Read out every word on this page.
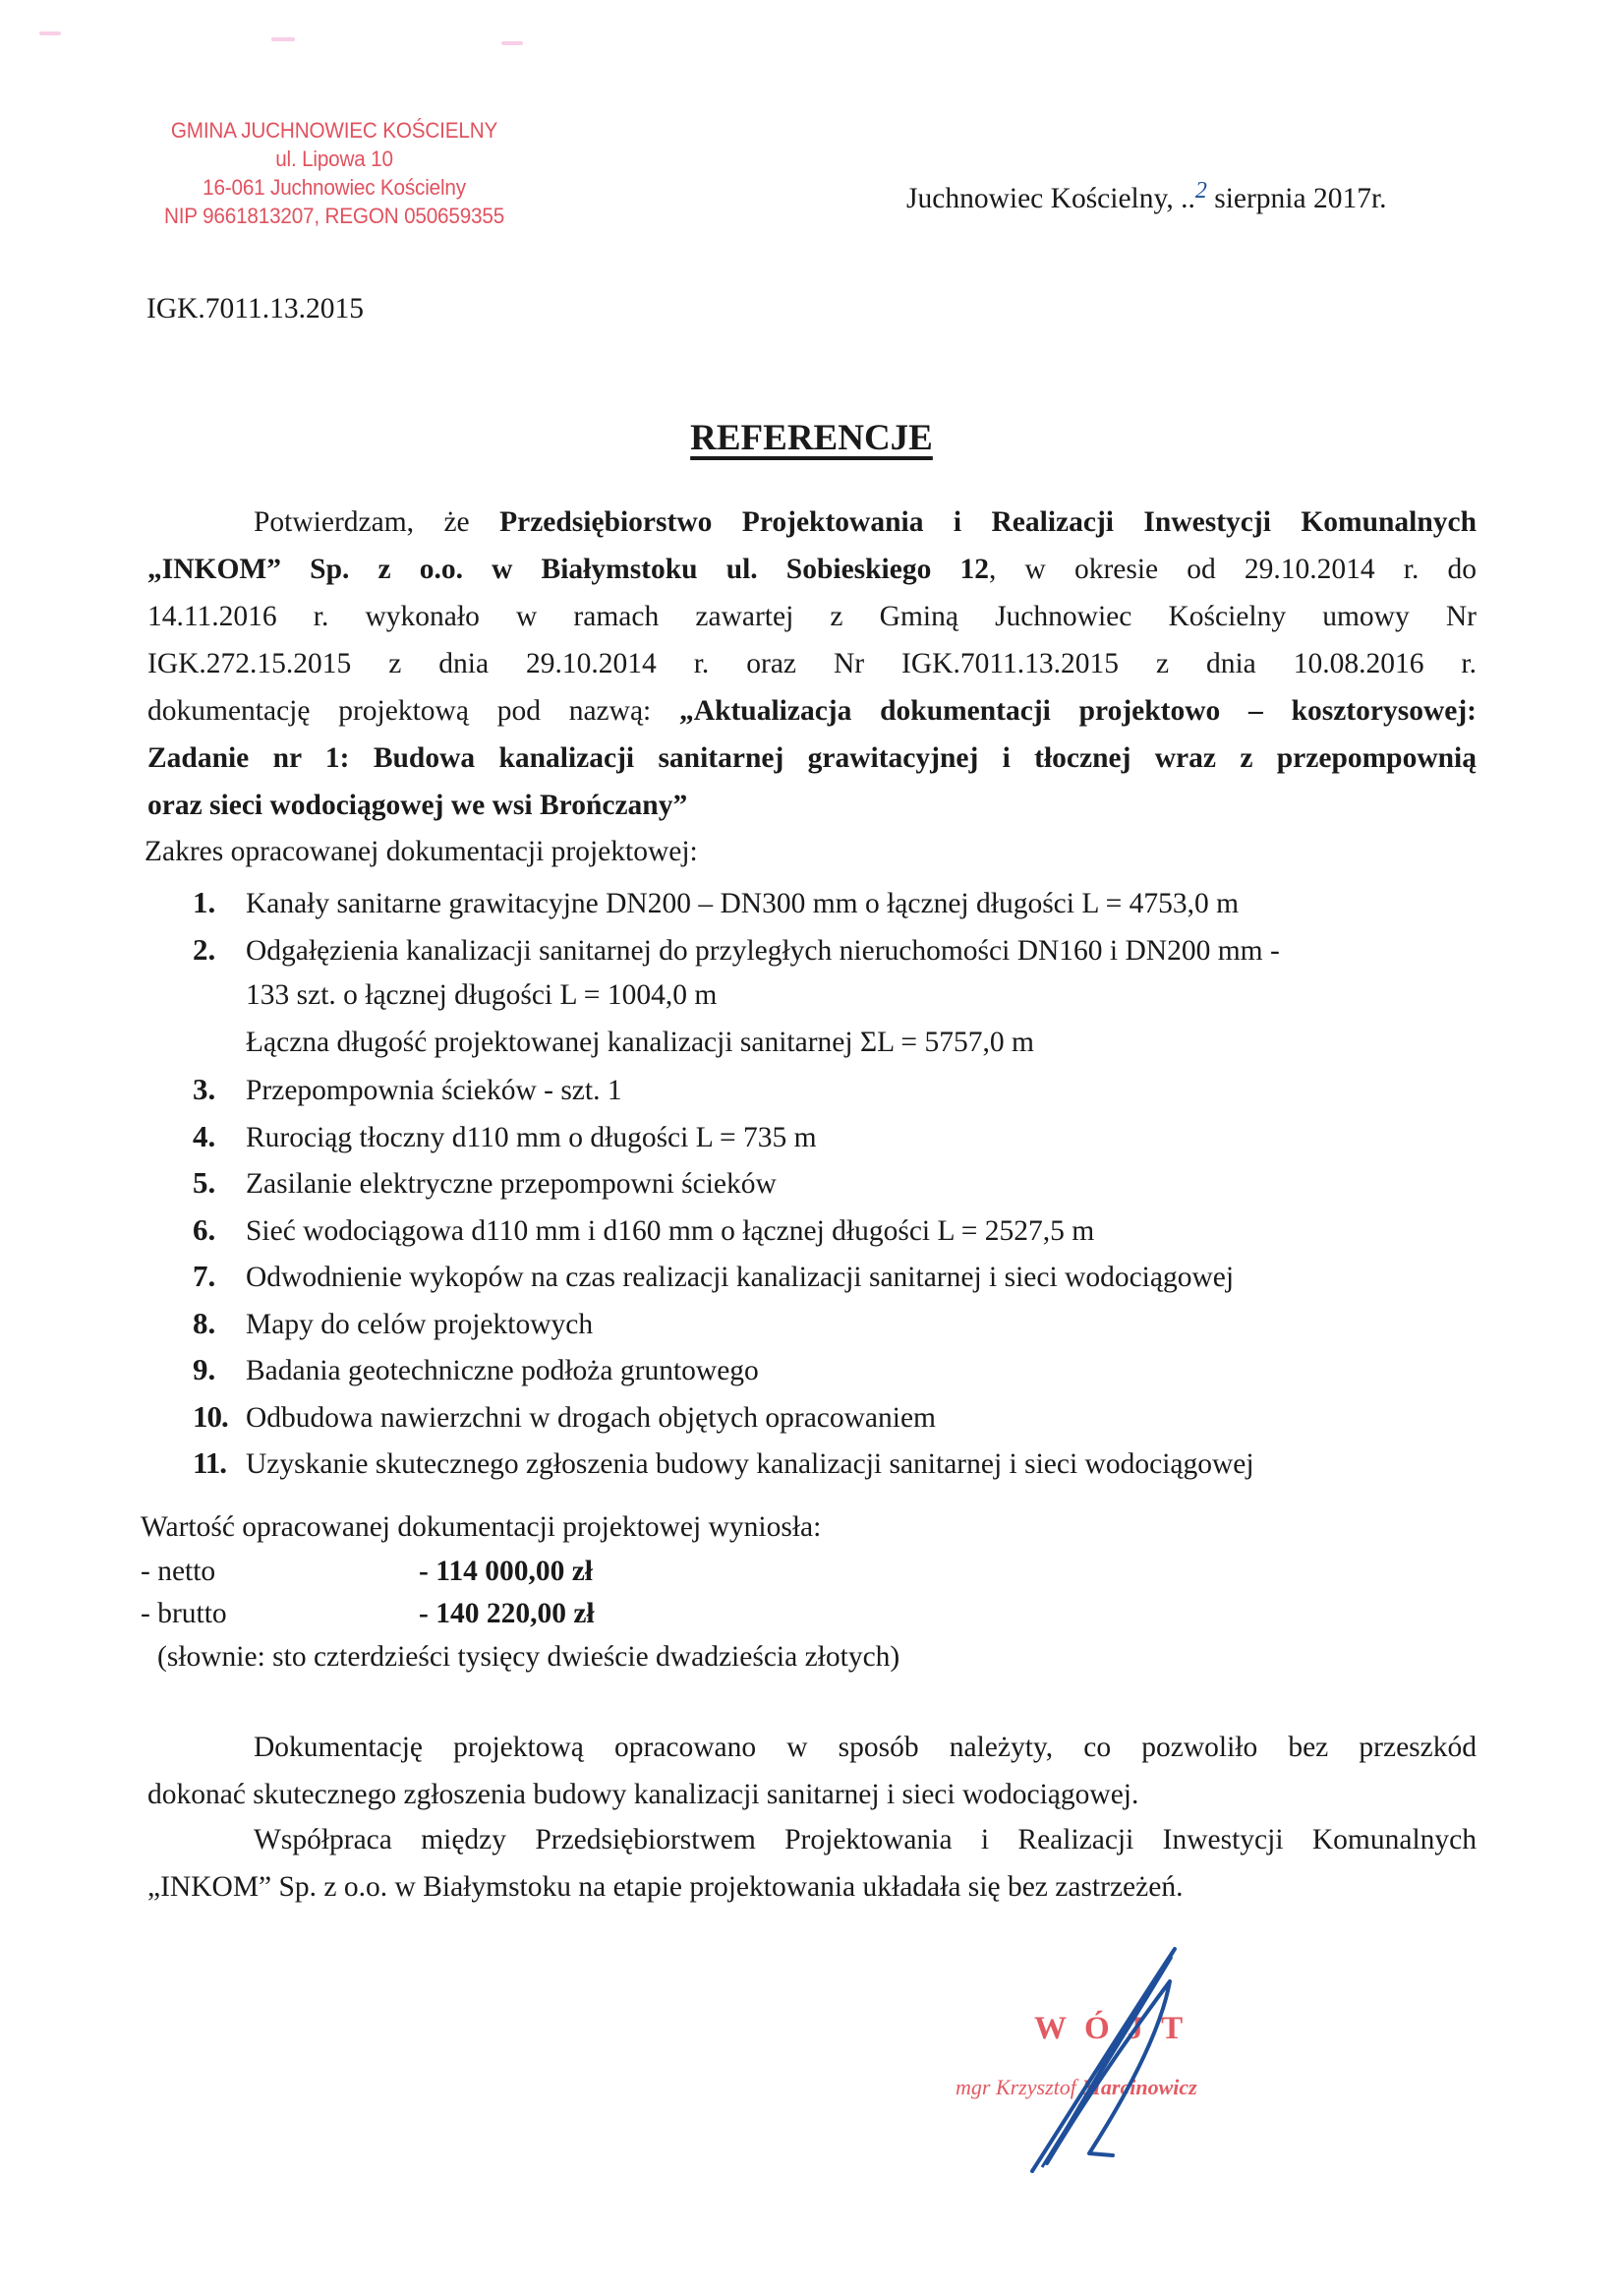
GMINA JUCHNOWIEC KOŚCIELNY
ul. Lipowa 10
16-061 Juchnowiec Kościelny
NIP 9661813207, REGON 050659355
Juchnowiec Kościelny, ..$^2$ sierpnia 2017r.
IGK.7011.13.2015
REFERENCJE
Potwierdzam, że Przedsiębiorstwo Projektowania i Realizacji Inwestycji Komunalnych
„INKOM” Sp. z o.o. w Białymstoku ul. Sobieskiego 12, w okresie od 29.10.2014 r. do
14.11.2016 r. wykonało w ramach zawartej z Gminą Juchnowiec Kościelny umowy Nr
IGK.272.15.2015 z dnia 29.10.2014 r. oraz Nr IGK.7011.13.2015 z dnia 10.08.2016 r.
dokumentację projektową pod nazwą: „Aktualizacja dokumentacji projektowo – kosztorysowej:
Zadanie nr 1: Budowa kanalizacji sanitarnej grawitacyjnej i tłocznej wraz z przepompownią
oraz sieci wodociągowej we wsi Brończany”
Zakres opracowanej dokumentacji projektowej:
1. Kanały sanitarne grawitacyjne DN200 – DN300 mm o łącznej długości L = 4753,0 m
2. Odgałęzienia kanalizacji sanitarnej do przyległych nieruchomości DN160 i DN200 mm -
133 szt. o łącznej długości L = 1004,0 m
Łączna długość projektowanej kanalizacji sanitarnej ΣL = 5757,0 m
3. Przepompownia ścieków - szt. 1
4. Rurociąg tłoczny d110 mm o długości L = 735 m
5. Zasilanie elektryczne przepompowni ścieków
6. Sieć wodociągowa d110 mm i d160 mm o łącznej długości L = 2527,5 m
7. Odwodnienie wykopów na czas realizacji kanalizacji sanitarnej i sieci wodociągowej
8. Mapy do celów projektowych
9. Badania geotechniczne podłoża gruntowego
10. Odbudowa nawierzchni w drogach objętych opracowaniem
11. Uzyskanie skutecznego zgłoszenia budowy kanalizacji sanitarnej i sieci wodociągowej
Wartość opracowanej dokumentacji projektowej wyniosła:
- netto	- 114 000,00 zł
- brutto	- 140 220,00 zł
(słownie: sto czterdzieści tysięcy dwieście dwadzieścia złotych)
Dokumentację projektową opracowano w sposób należyty, co pozwoliło bez przeszkód
dokonać skutecznego zgłoszenia budowy kanalizacji sanitarnej i sieci wodociągowej.
Współpraca między Przedsiębiorstwem Projektowania i Realizacji Inwestycji Komunalnych
„INKOM” Sp. z o.o. w Białymstoku na etapie projektowania układała się bez zastrzeżeń.
WÓJT
mgr Krzysztof Marcinowicz
